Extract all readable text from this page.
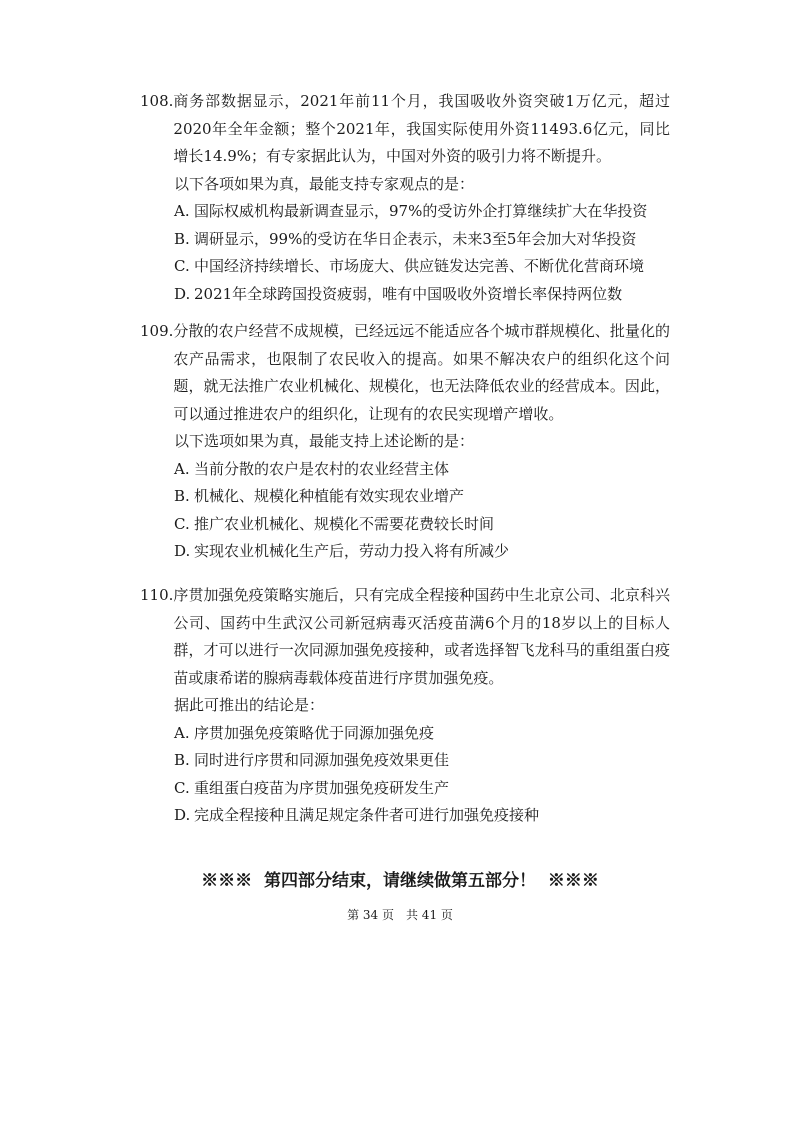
108. 商务部数据显示，2021年前11个月，我国吸收外资突破1万亿元，超过2020年全年金额；整个2021年，我国实际使用外资11493.6亿元，同比增长14.9%；有专家据此认为，中国对外资的吸引力将不断提升。
以下各项如果为真，最能支持专家观点的是：
A. 国际权威机构最新调查显示，97%的受访外企打算继续扩大在华投资
B. 调研显示，99%的受访在华日企表示，未来3至5年会加大对华投资
C. 中国经济持续增长、市场庞大、供应链发达完善、不断优化营商环境
D. 2021年全球跨国投资疲弱，唯有中国吸收外资增长率保持两位数
109. 分散的农户经营不成规模，已经远远不能适应各个城市群规模化、批量化的农产品需求，也限制了农民收入的提高。如果不解决农户的组织化这个问题，就无法推广农业机械化、规模化，也无法降低农业的经营成本。因此，可以通过推进农户的组织化，让现有的农民实现增产增收。
以下选项如果为真，最能支持上述论断的是：
A. 当前分散的农户是农村的农业经营主体
B. 机械化、规模化种植能有效实现农业增产
C. 推广农业机械化、规模化不需要花费较长时间
D. 实现农业机械化生产后，劳动力投入将有所减少
110. 序贯加强免疫策略实施后，只有完成全程接种国药中生北京公司、北京科兴公司、国药中生武汉公司新冠病毒灭活疫苗满6个月的18岁以上的目标人群，才可以进行一次同源加强免疫接种，或者选择智飞龙科马的重组蛋白疫苗或康希诺的腺病毒载体疫苗进行序贯加强免疫。
据此可推出的结论是：
A. 序贯加强免疫策略优于同源加强免疫
B. 同时进行序贯和同源加强免疫效果更佳
C. 重组蛋白疫苗为序贯加强免疫研发生产
D. 完成全程接种且满足规定条件者可进行加强免疫接种
※※※ 第四部分结束，请继续做第五部分！ ※※※
第 34 页　共 41 页
